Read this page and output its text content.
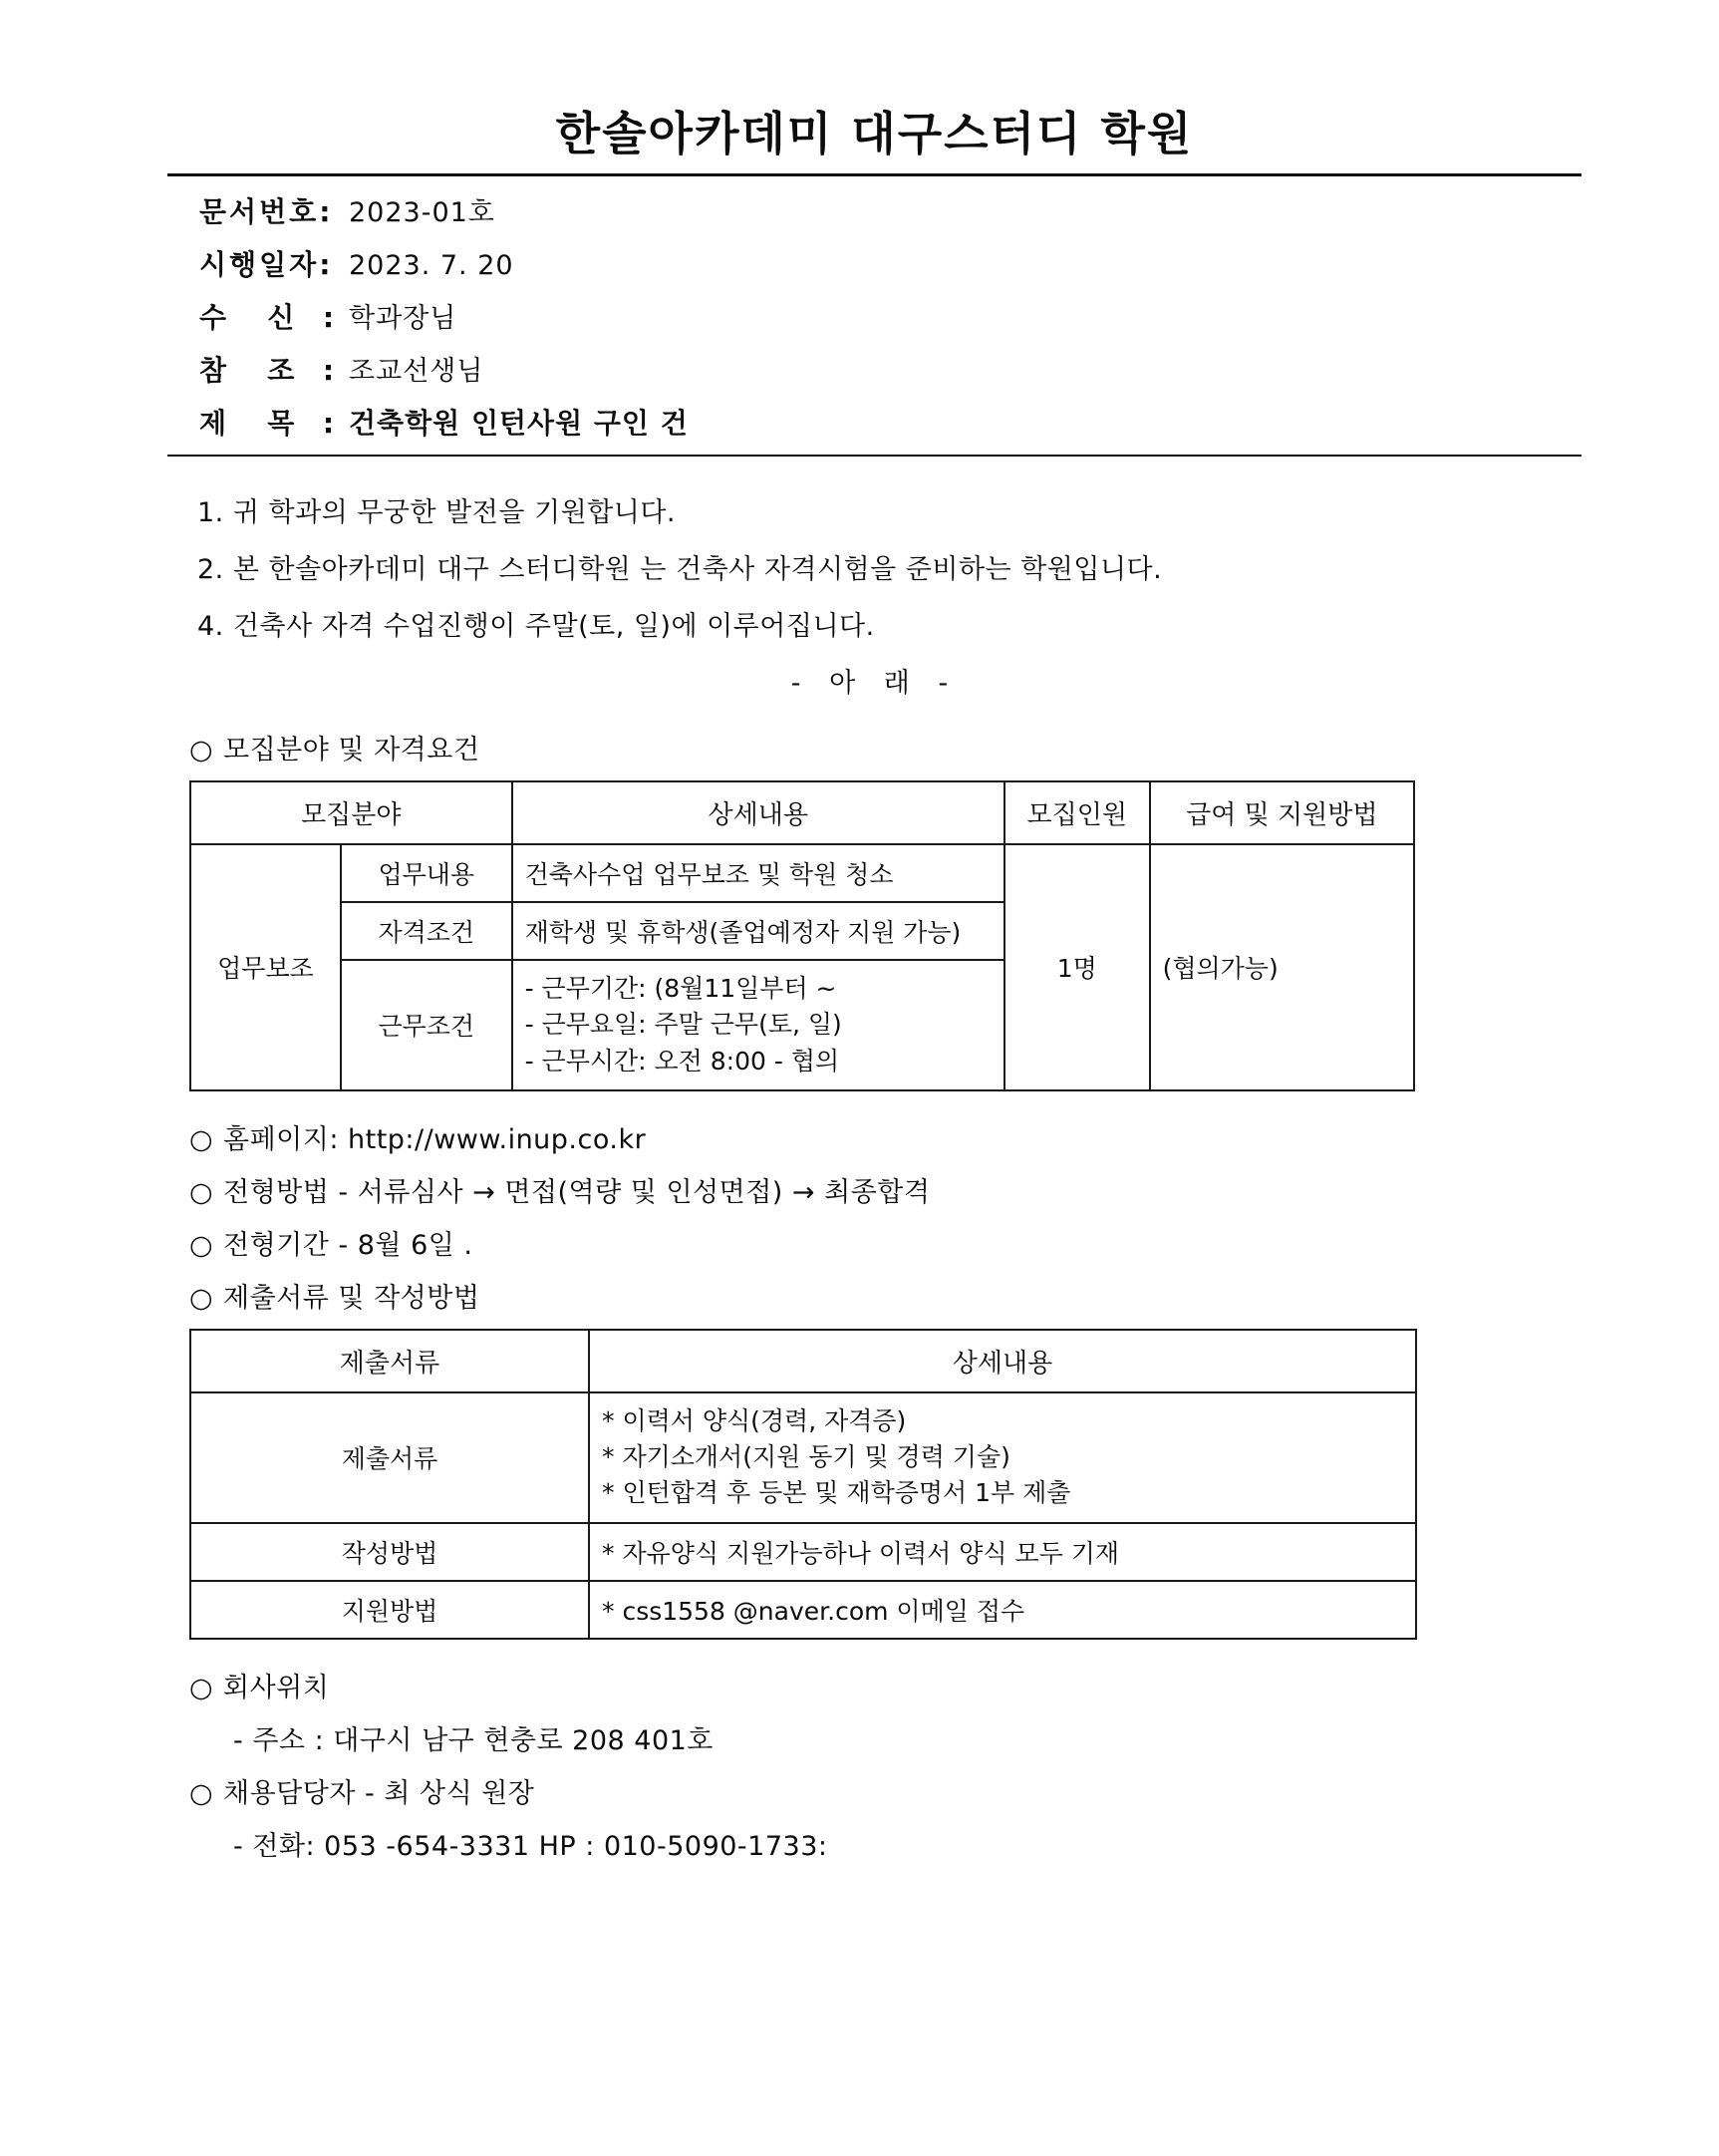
한솔아카데미 대구스터디 학원
문서번호: 2023-01호
시행일자: 2023. 7. 20
수   신  : 학과장님
참   조  : 조교선생님
제   목  : 건축학원 인턴사원 구인 건
1. 귀 학과의 무궁한 발전을 기원합니다.
2. 본 한솔아카데미 대구 스터디학원 는 건축사 자격시험을 준비하는 학원입니다.
4. 건축사 자격 수업진행이 주말(토, 일)에 이루어집니다.
- 아 래 -
○ 모집분야 및 자격요건
모집분야		상세내용	모집인원	급여 및 지원방법
업무보조	업무내용	건축사수업 업무보조 및 학원 청소	1명	(협의가능)
	자격조건	재학생 및 휴학생(졸업예정자 지원 가능)		
	근무조건	- 근무기간: (8월11일부터 ~
- 근무요일: 주말 근무(토, 일)
- 근무시간: 오전 8:00 - 협의		
○ 홈페이지: http://www.inup.co.kr
○ 전형방법 - 서류심사 → 면접(역량 및 인성면접) → 최종합격
○ 전형기간 - 8월 6일 .
○ 제출서류 및 작성방법
제출서류	상세내용
제출서류	* 이력서 양식(경력, 자격증)
* 자기소개서(지원 동기 및 경력 기술)
* 인턴합격 후 등본 및 재학증명서 1부 제출

작성방법	* 자유양식 지원가능하나 이력서 양식 모두 기재
지원방법	* css1558 @naver.com 이메일 접수
○ 회사위치
- 주소 : 대구시 남구 현충로 208 401호
○ 채용담당자 - 최 상식 원장
- 전화: 053 -654-3331 HP : 010-5090-1733:
